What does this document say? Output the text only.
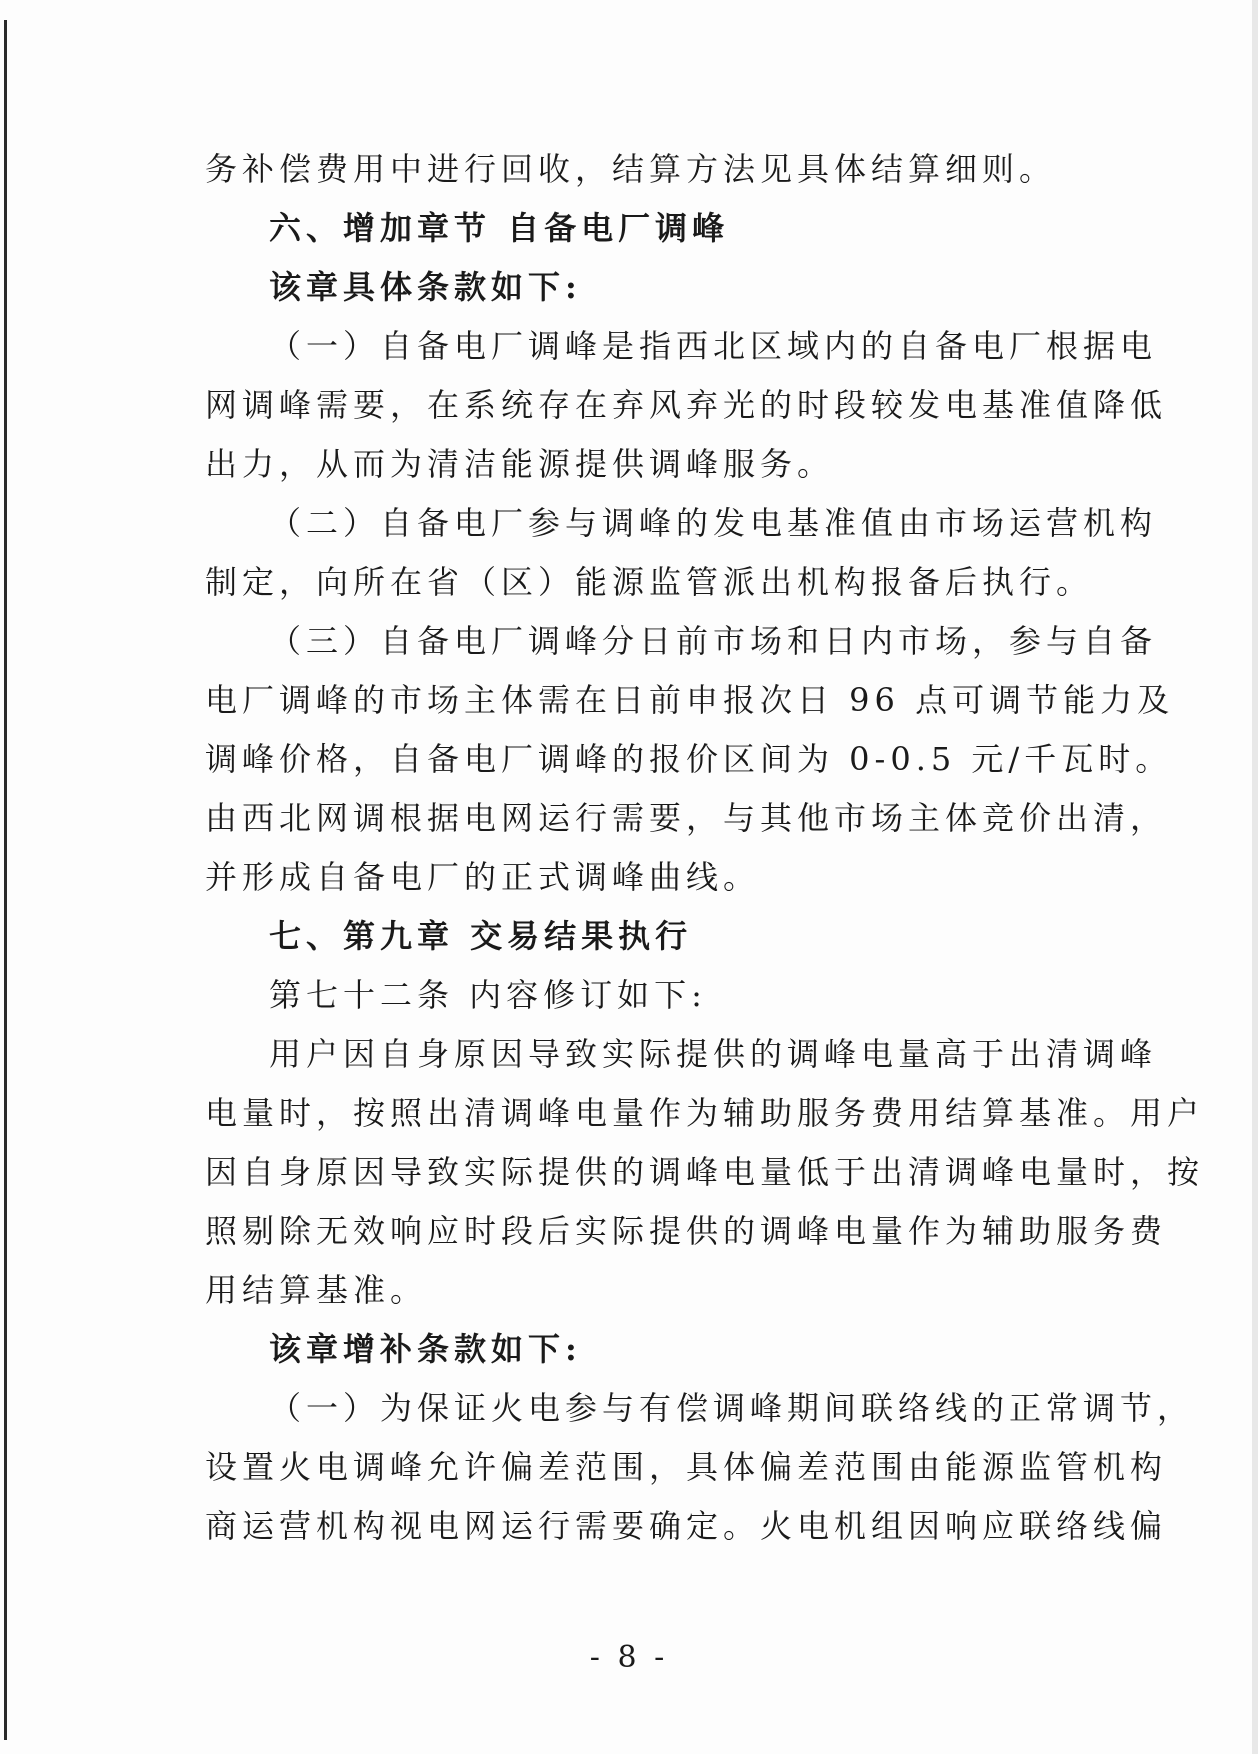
务补偿费用中进行回收，结算方法见具体结算细则。
六、增加章节 自备电厂调峰
该章具体条款如下:
（一）自备电厂调峰是指西北区域内的自备电厂根据电
网调峰需要，在系统存在弃风弃光的时段较发电基准值降低
出力，从而为清洁能源提供调峰服务。
（二）自备电厂参与调峰的发电基准值由市场运营机构
制定，向所在省（区）能源监管派出机构报备后执行。
（三）自备电厂调峰分日前市场和日内市场，参与自备
电厂调峰的市场主体需在日前申报次日 96 点可调节能力及
调峰价格，自备电厂调峰的报价区间为 0-0.5 元/千瓦时。
由西北网调根据电网运行需要，与其他市场主体竞价出清，
并形成自备电厂的正式调峰曲线。
七、第九章 交易结果执行
第七十二条 内容修订如下:
用户因自身原因导致实际提供的调峰电量高于出清调峰
电量时，按照出清调峰电量作为辅助服务费用结算基准。用户
因自身原因导致实际提供的调峰电量低于出清调峰电量时，按
照剔除无效响应时段后实际提供的调峰电量作为辅助服务费
用结算基准。
该章增补条款如下:
（一）为保证火电参与有偿调峰期间联络线的正常调节，
设置火电调峰允许偏差范围，具体偏差范围由能源监管机构
商运营机构视电网运行需要确定。火电机组因响应联络线偏
- 8 -
